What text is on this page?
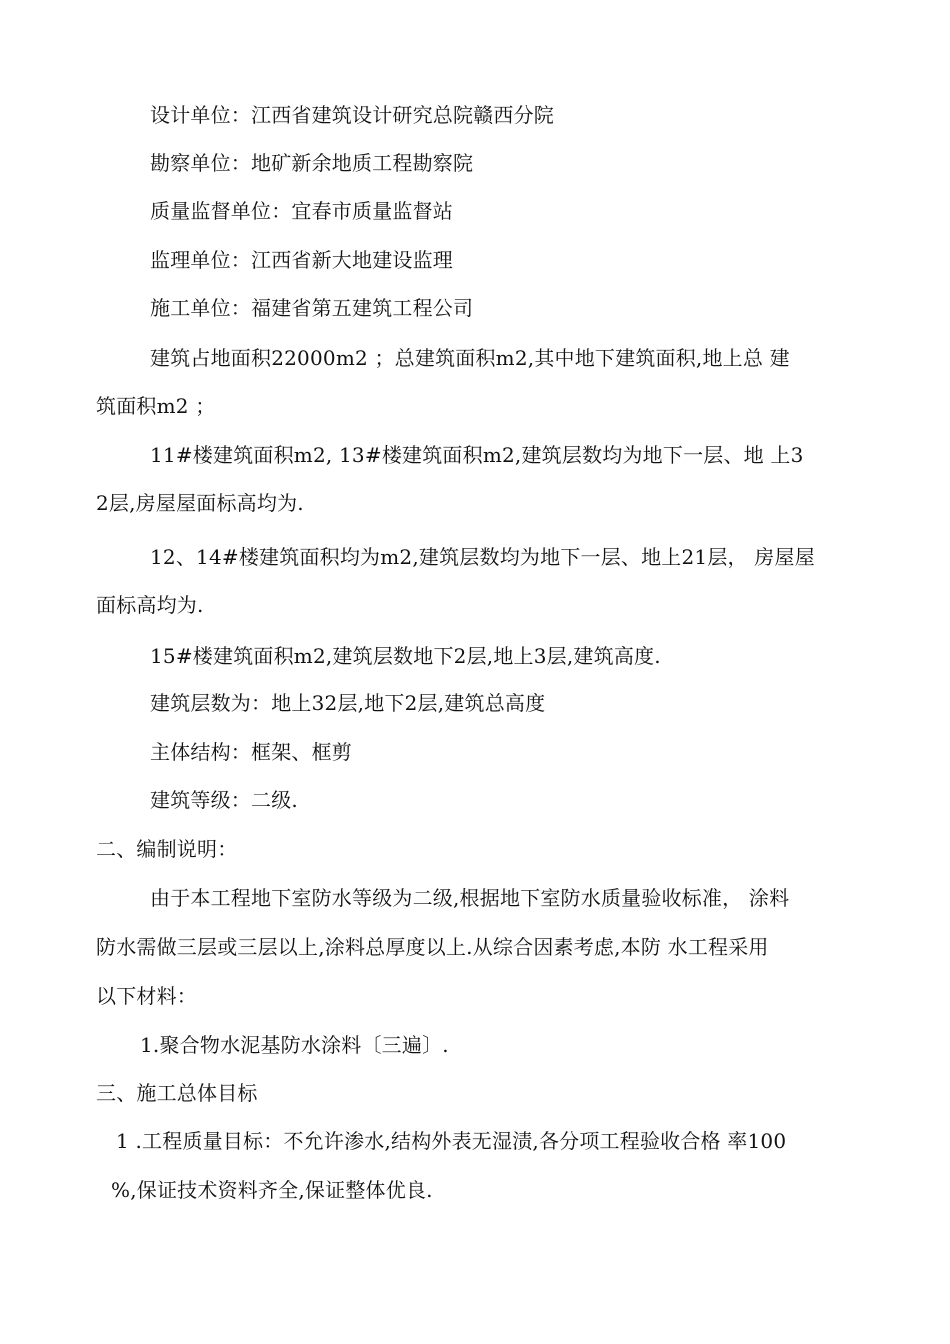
设计单位：江西省建筑设计研究总院赣西分院
勘察单位：地矿新余地质工程勘察院
质量监督单位：宜春市质量监督站
监理单位：江西省新大地建设监理
施工单位：福建省第五建筑工程公司
建筑占地面积22000m2 ；总建筑面积m2,其中地下建筑面积,地上总 建
筑面积m2 ；
11#楼建筑面积m2, 13#楼建筑面积m2,建筑层数均为地下一层、地 上3
2层,房屋屋面标高均为.
12、14#楼建筑面积均为m2,建筑层数均为地下一层、地上21层， 房屋屋
面标高均为.
15#楼建筑面积m2,建筑层数地下2层,地上3层,建筑高度.
建筑层数为：地上32层,地下2层,建筑总高度
主体结构：框架、框剪
建筑等级：二级.
二、编制说明：
由于本工程地下室防水等级为二级,根据地下室防水质量验收标准， 涂料
防水需做三层或三层以上,涂料总厚度以上.从综合因素考虑,本防 水工程采用
以下材料：
1.聚合物水泥基防水涂料〔三遍〕.
三、施工总体目标
1 .工程质量目标：不允许渗水,结构外表无湿渍,各分项工程验收合格 率100
%,保证技术资料齐全,保证整体优良.
